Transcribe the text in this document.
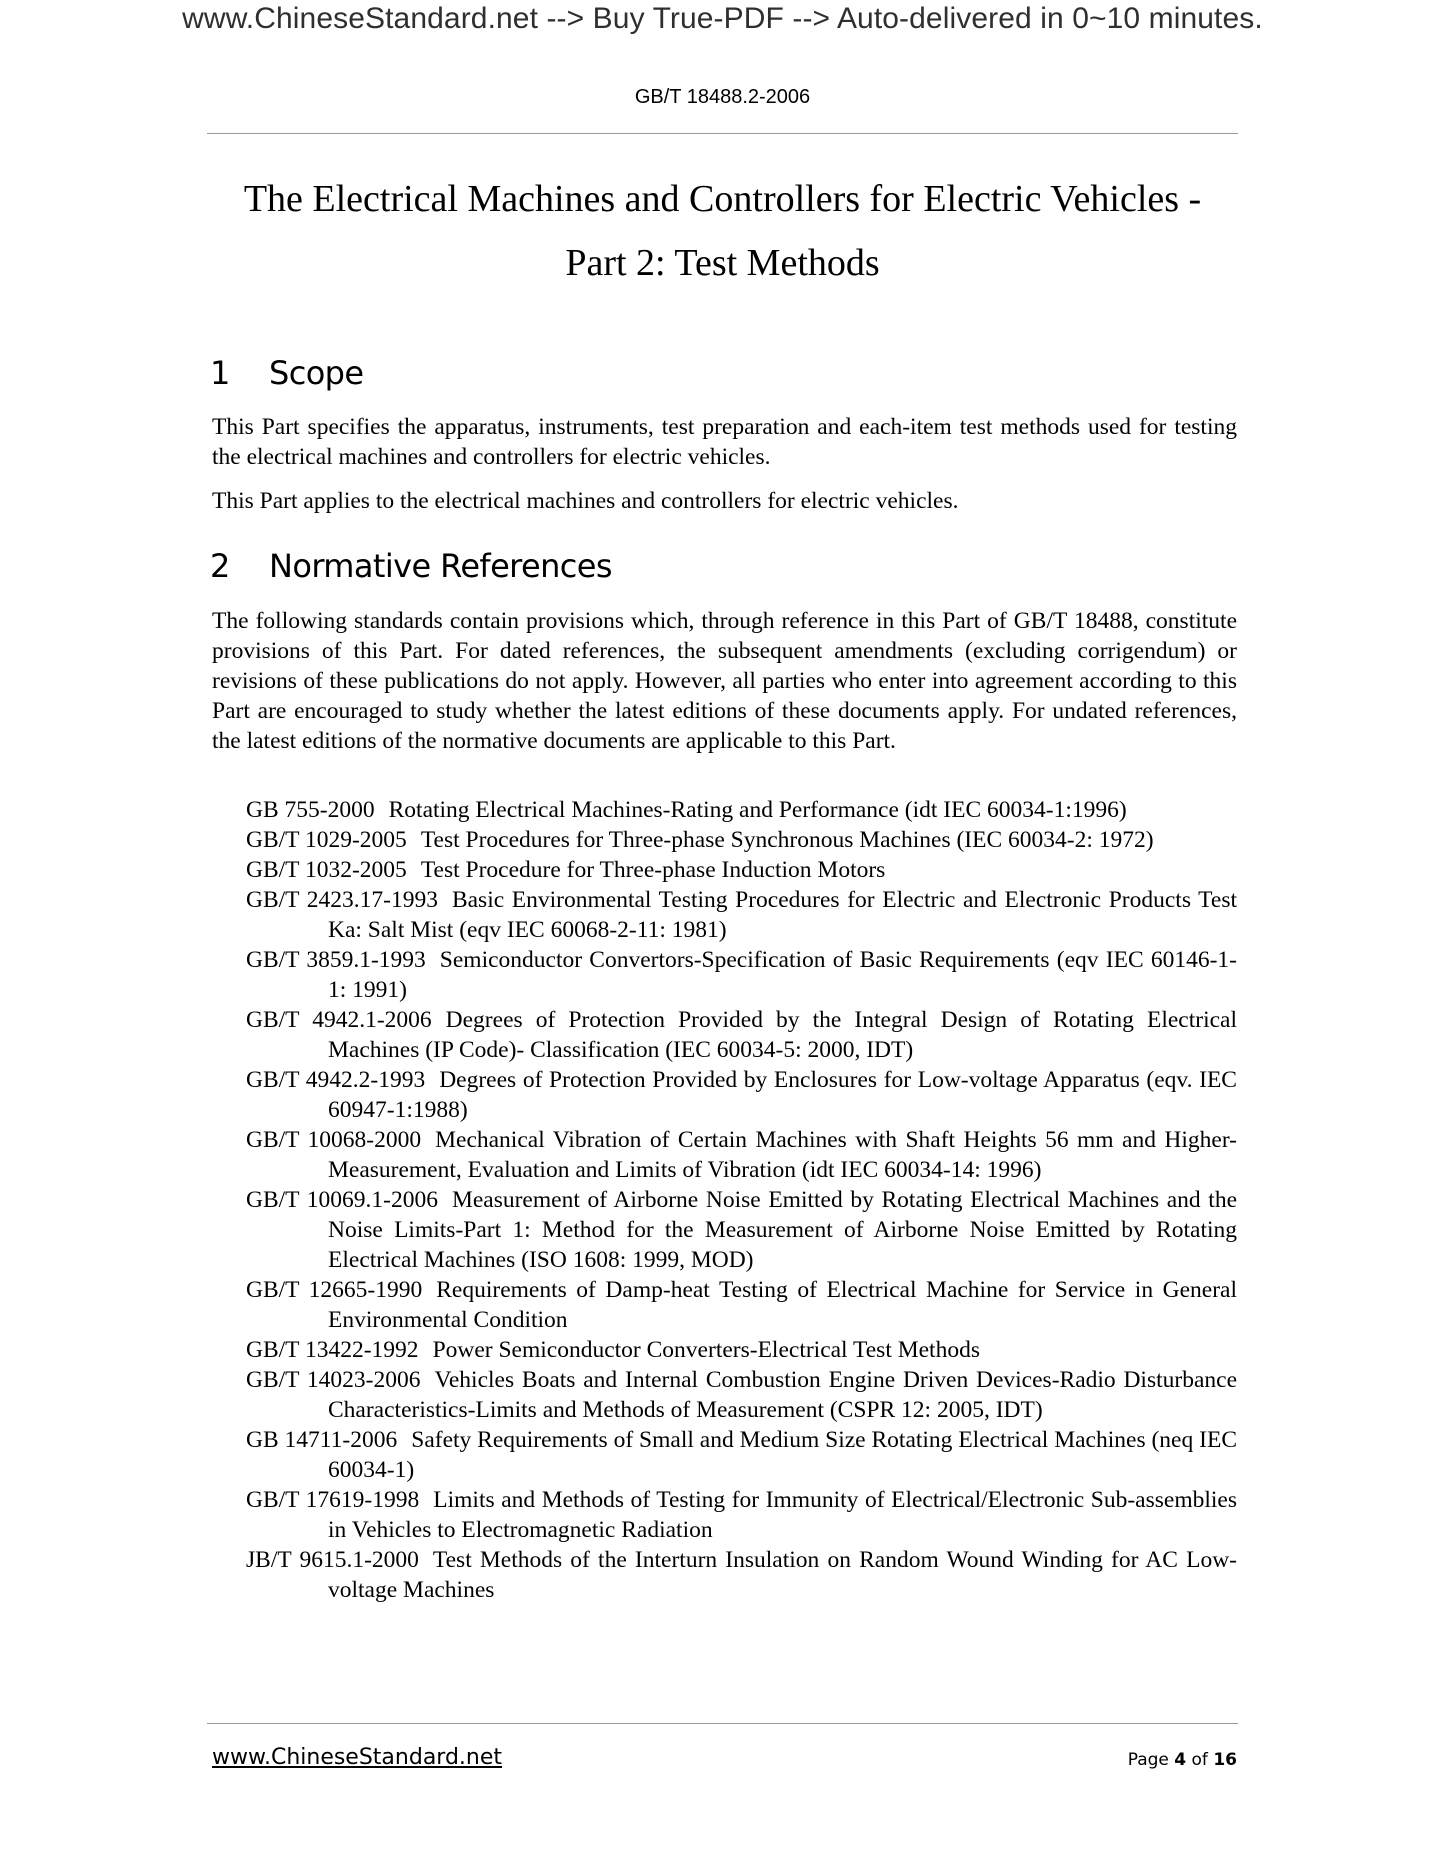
www.ChineseStandard.net --> Buy True-PDF --> Auto-delivered in 0~10 minutes.
GB/T 18488.2-2006
The Electrical Machines and Controllers for Electric Vehicles -
Part 2: Test Methods
1 Scope
This Part specifies the apparatus, instruments, test preparation and each-item test methods used for testing the electrical machines and controllers for electric vehicles.
This Part applies to the electrical machines and controllers for electric vehicles.
2 Normative References
The following standards contain provisions which, through reference in this Part of GB/T 18488, constitute provisions of this Part. For dated references, the subsequent amendments (excluding corrigendum) or revisions of these publications do not apply. However, all parties who enter into agreement according to this Part are encouraged to study whether the latest editions of these documents apply. For undated references, the latest editions of the normative documents are applicable to this Part.
GB 755-2000 Rotating Electrical Machines-Rating and Performance (idt IEC 60034-1:1996)
GB/T 1029-2005 Test Procedures for Three-phase Synchronous Machines (IEC 60034-2: 1972)
GB/T 1032-2005 Test Procedure for Three-phase Induction Motors
GB/T 2423.17-1993 Basic Environmental Testing Procedures for Electric and Electronic Products Test Ka: Salt Mist (eqv IEC 60068-2-11: 1981)
GB/T 3859.1-1993 Semiconductor Convertors-Specification of Basic Requirements (eqv IEC 60146-1-1: 1991)
GB/T 4942.1-2006 Degrees of Protection Provided by the Integral Design of Rotating Electrical Machines (IP Code)- Classification (IEC 60034-5: 2000, IDT)
GB/T 4942.2-1993 Degrees of Protection Provided by Enclosures for Low-voltage Apparatus (eqv. IEC 60947-1:1988)
GB/T 10068-2000 Mechanical Vibration of Certain Machines with Shaft Heights 56 mm and Higher-Measurement, Evaluation and Limits of Vibration (idt IEC 60034-14: 1996)
GB/T 10069.1-2006 Measurement of Airborne Noise Emitted by Rotating Electrical Machines and the Noise Limits-Part 1: Method for the Measurement of Airborne Noise Emitted by Rotating Electrical Machines (ISO 1608: 1999, MOD)
GB/T 12665-1990 Requirements of Damp-heat Testing of Electrical Machine for Service in General Environmental Condition
GB/T 13422-1992 Power Semiconductor Converters-Electrical Test Methods
GB/T 14023-2006 Vehicles Boats and Internal Combustion Engine Driven Devices-Radio Disturbance Characteristics-Limits and Methods of Measurement (CSPR 12: 2005, IDT)
GB 14711-2006 Safety Requirements of Small and Medium Size Rotating Electrical Machines (neq IEC 60034-1)
GB/T 17619-1998 Limits and Methods of Testing for Immunity of Electrical/Electronic Sub-assemblies in Vehicles to Electromagnetic Radiation
JB/T 9615.1-2000 Test Methods of the Interturn Insulation on Random Wound Winding for AC Low-voltage Machines
www.ChineseStandard.net	Page 4 of 16
